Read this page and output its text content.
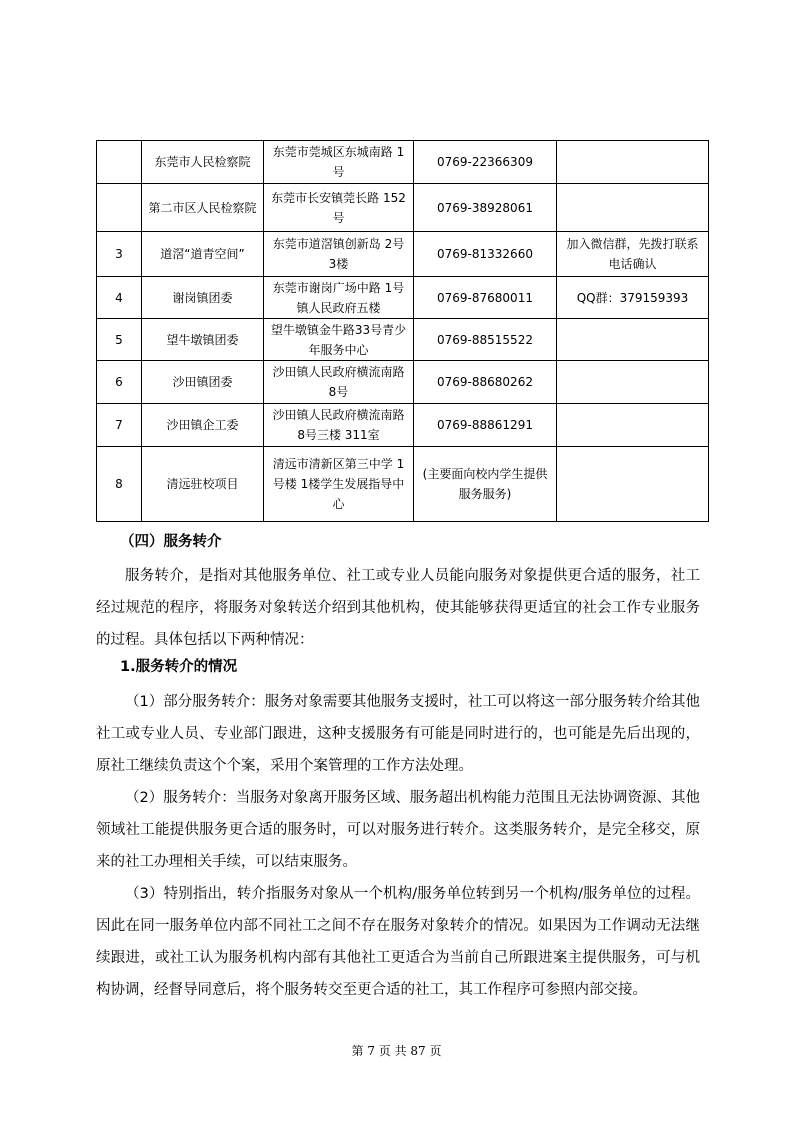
	东莞市人民检察院	东莞市莞城区东城南路 1号	0769-22366309	
	第二市区人民检察院	东莞市长安镇莞长路 152号	0769-38928061	
3	道滘“道青空间”	东莞市道滘镇创新岛 2号 3楼	0769-81332660	加入微信群，先拨打联系电话确认
4	谢岗镇团委	东莞市谢岗广场中路 1号镇人民政府五楼	0769-87680011	QQ群：379159393
5	望牛墩镇团委	望牛墩镇金牛路33号青少年服务中心	0769-88515522	
6	沙田镇团委	沙田镇人民政府横流南路 8号	0769-88680262	
7	沙田镇企工委	沙田镇人民政府横流南路 8号三楼 311室	0769-88861291	
8	清远驻校项目	清远市清新区第三中学 1号楼 1楼学生发展指导中心	(主要面向校内学生提供服务服务)	
（四）服务转介

服务转介，是指对其他服务单位、社工或专业人员能向服务对象提供更合适的服务，社工经过规范的程序，将服务对象转送介绍到其他机构，使其能够获得更适宜的社会工作专业服务的过程。具体包括以下两种情况：

1.服务转介的情况

（1）部分服务转介：服务对象需要其他服务支援时，社工可以将这一部分服务转介给其他社工或专业人员、专业部门跟进，这种支援服务有可能是同时进行的，也可能是先后出现的，原社工继续负责这个个案，采用个案管理的工作方法处理。

（2）服务转介：当服务对象离开服务区域、服务超出机构能力范围且无法协调资源、其他领域社工能提供服务更合适的服务时，可以对服务进行转介。这类服务转介，是完全移交，原来的社工办理相关手续，可以结束服务。

（3）特别指出，转介指服务对象从一个机构/服务单位转到另一个机构/服务单位的过程。因此在同一服务单位内部不同社工之间不存在服务对象转介的情况。如果因为工作调动无法继续跟进，或社工认为服务机构内部有其他社工更适合为当前自己所跟进案主提供服务，可与机构协调，经督导同意后，将个服务转交至更合适的社工，其工作程序可参照内部交接。

第 7 页 共 87 页
